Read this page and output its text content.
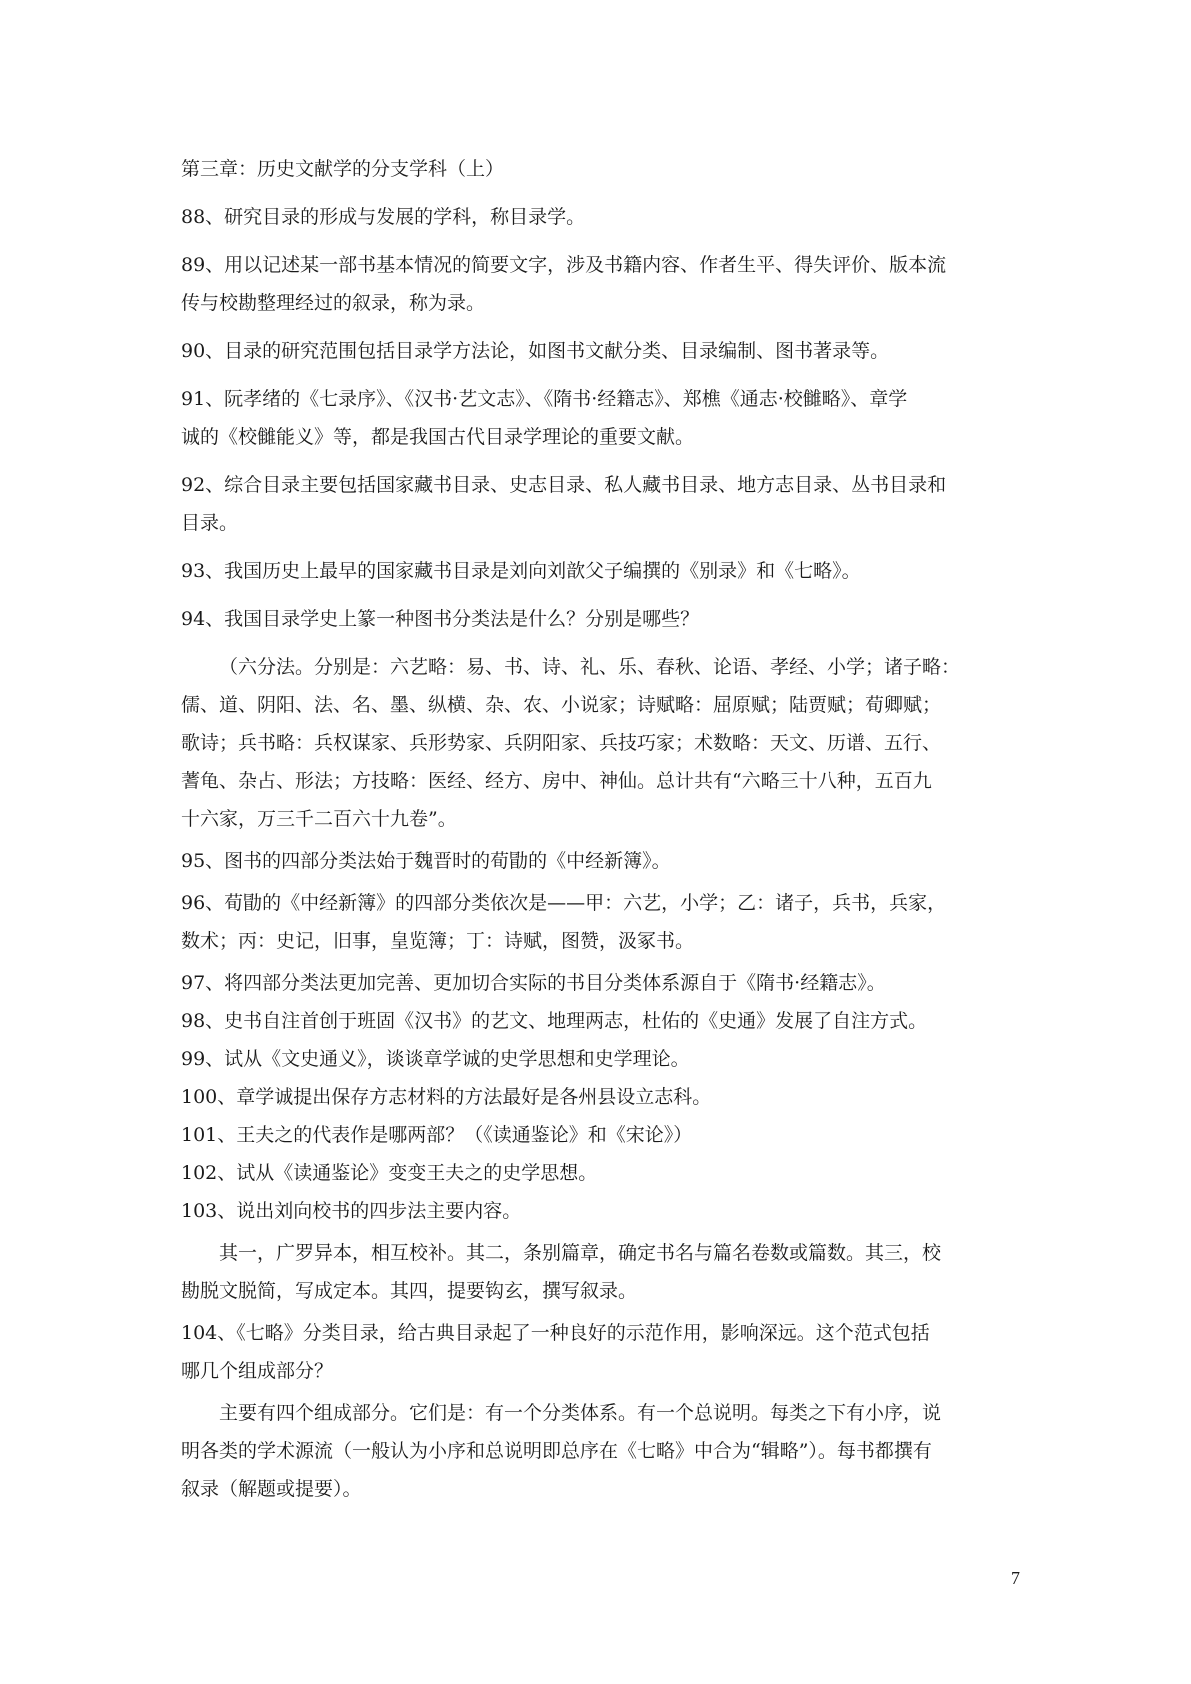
第三章：历史文献学的分支学科（上）

88、研究目录的形成与发展的学科，称目录学。

89、用以记述某一部书基本情况的简要文字，涉及书籍内容、作者生平、得失评价、版本流

传与校勘整理经过的叙录，称为录。

90、目录的研究范围包括目录学方法论，如图书文献分类、目录编制、图书著录等。

91、阮孝绪的《七录序》、《汉书·艺文志》、《隋书·经籍志》、郑樵《通志·校雠略》、章学

诚的《校雠能义》等，都是我国古代目录学理论的重要文献。

92、综合目录主要包括国家藏书目录、史志目录、私人藏书目录、地方志目录、丛书目录和

目录。

93、我国历史上最早的国家藏书目录是刘向刘歆父子编撰的《别录》和《七略》。

94、我国目录学史上篆一种图书分类法是什么？分别是哪些？

（六分法。分别是：六艺略：易、书、诗、礼、乐、春秋、论语、孝经、小学；诸子略：

儒、道、阴阳、法、名、墨、纵横、杂、农、小说家；诗赋略：屈原赋；陆贾赋；荀卿赋；

歌诗；兵书略：兵权谋家、兵形势家、兵阴阳家、兵技巧家；术数略：天文、历谱、五行、

蓍龟、杂占、形法；方技略：医经、经方、房中、神仙。总计共有“六略三十八种，五百九

十六家，万三千二百六十九卷”。

95、图书的四部分类法始于魏晋时的荀勖的《中经新簿》。

96、荀勖的《中经新簿》的四部分类依次是——甲：六艺，小学；乙：诸子，兵书，兵家，

数术；丙：史记，旧事，皇览簿；丁：诗赋，图赞，汲冢书。

97、将四部分类法更加完善、更加切合实际的书目分类体系源自于《隋书·经籍志》。

98、史书自注首创于班固《汉书》的艺文、地理两志，杜佑的《史通》发展了自注方式。

99、试从《文史通义》，谈谈章学诚的史学思想和史学理论。

100、章学诚提出保存方志材料的方法最好是各州县设立志科。

101、王夫之的代表作是哪两部？（《读通鉴论》和《宋论》）

102、试从《读通鉴论》变变王夫之的史学思想。

103、说出刘向校书的四步法主要内容。

其一，广罗异本，相互校补。其二，条别篇章，确定书名与篇名卷数或篇数。其三，校

勘脱文脱简，写成定本。其四，提要钩玄，撰写叙录。

104、《七略》分类目录，给古典目录起了一种良好的示范作用，影响深远。这个范式包括

哪几个组成部分？

主要有四个组成部分。它们是：有一个分类体系。有一个总说明。每类之下有小序，说

明各类的学术源流（一般认为小序和总说明即总序在《七略》中合为“辑略”）。每书都撰有

叙录（解题或提要）。

7
